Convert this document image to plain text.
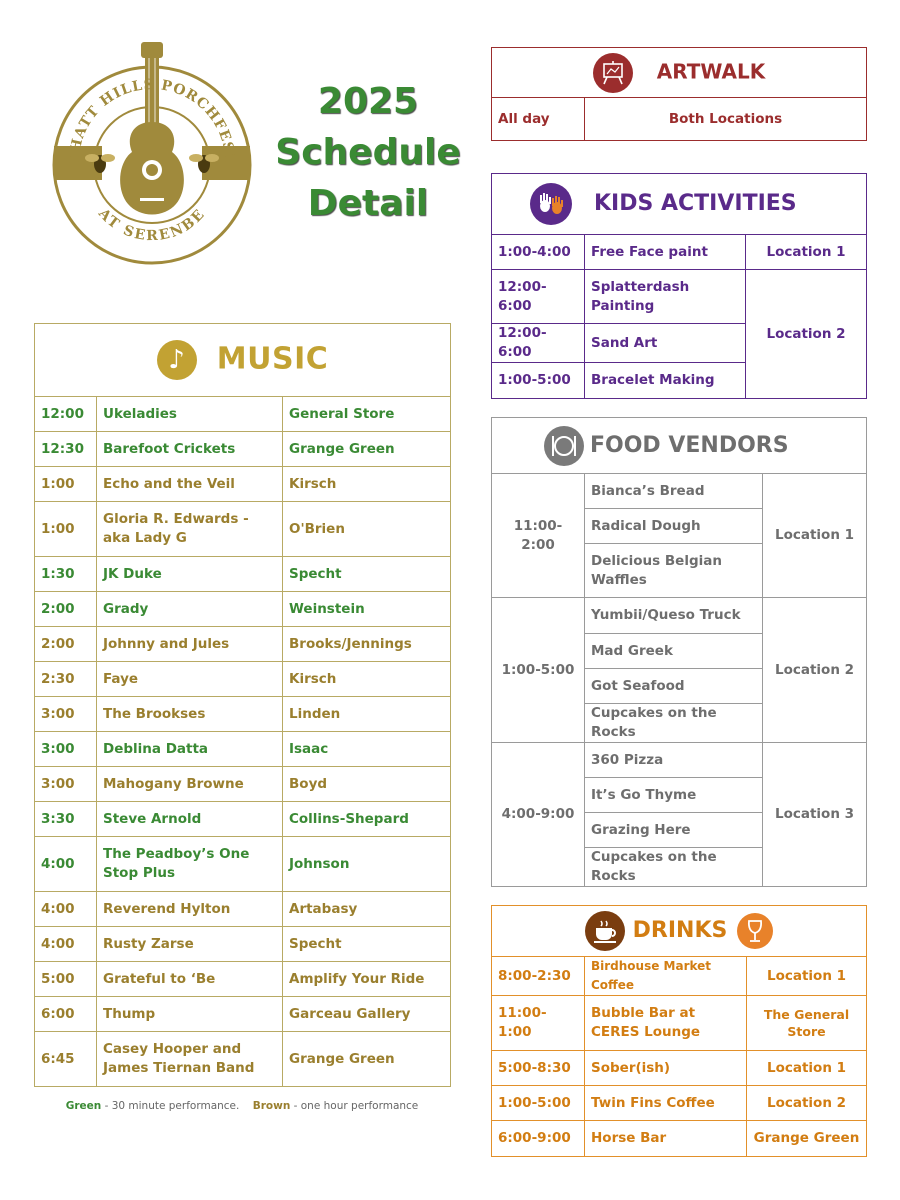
CHATT HILLS PORCHFEST
AT SERENBE
2025
Schedule
Detail
♪ MUSIC		
12:00	Ukeladies	General Store
12:30	Barefoot Crickets	Grange Green
1:00	Echo and the Veil	Kirsch
1:00	Gloria R. Edwards - aka Lady G	O'Brien
1:30	JK Duke	Specht
2:00	Grady	Weinstein
2:00	Johnny and Jules	Brooks/Jennings
2:30	Faye	Kirsch
3:00	The Brookses	Linden
3:00	Deblina Datta	Isaac
3:00	Mahogany Browne	Boyd
3:30	Steve Arnold	Collins-Shepard
4:00	The Peadboy’s One Stop Plus	Johnson
4:00	Reverend Hylton	Artabasy
4:00	Rusty Zarse	Specht
5:00	Grateful to ‘Be	Amplify Your Ride
6:00	Thump	Garceau Gallery
6:45	Casey Hooper and James Tiernan Band	Grange Green
Green - 30 minute performance. Brown - one hour performance
ARTWALK
All day	Both Locations
KIDS ACTIVITIES		
1:00-4:00	Free Face paint	Location 1
12:00-6:00	Splatterdash Painting	Location 2
12:00-6:00	Sand Art	
1:00-5:00	Bracelet Making	
FOOD VENDORS		
11:00-2:00	Bianca’s Bread	Location 1
	Radical Dough	
	Delicious Belgian Waffles	
1:00-5:00	Yumbii/Queso Truck	Location 2
	Mad Greek	
	Got Seafood	
	Cupcakes on the Rocks	
4:00-9:00	360 Pizza	Location 3
	It’s Go Thyme	
	Grazing Here	
	Cupcakes on the Rocks	
DRINKS		
8:00-2:30	Birdhouse Market Coffee	Location 1
11:00-1:00	Bubble Bar at CERES Lounge	The General Store
5:00-8:30	Sober(ish)	Location 1
1:00-5:00	Twin Fins Coffee	Location 2
6:00-9:00	Horse Bar	Grange Green
